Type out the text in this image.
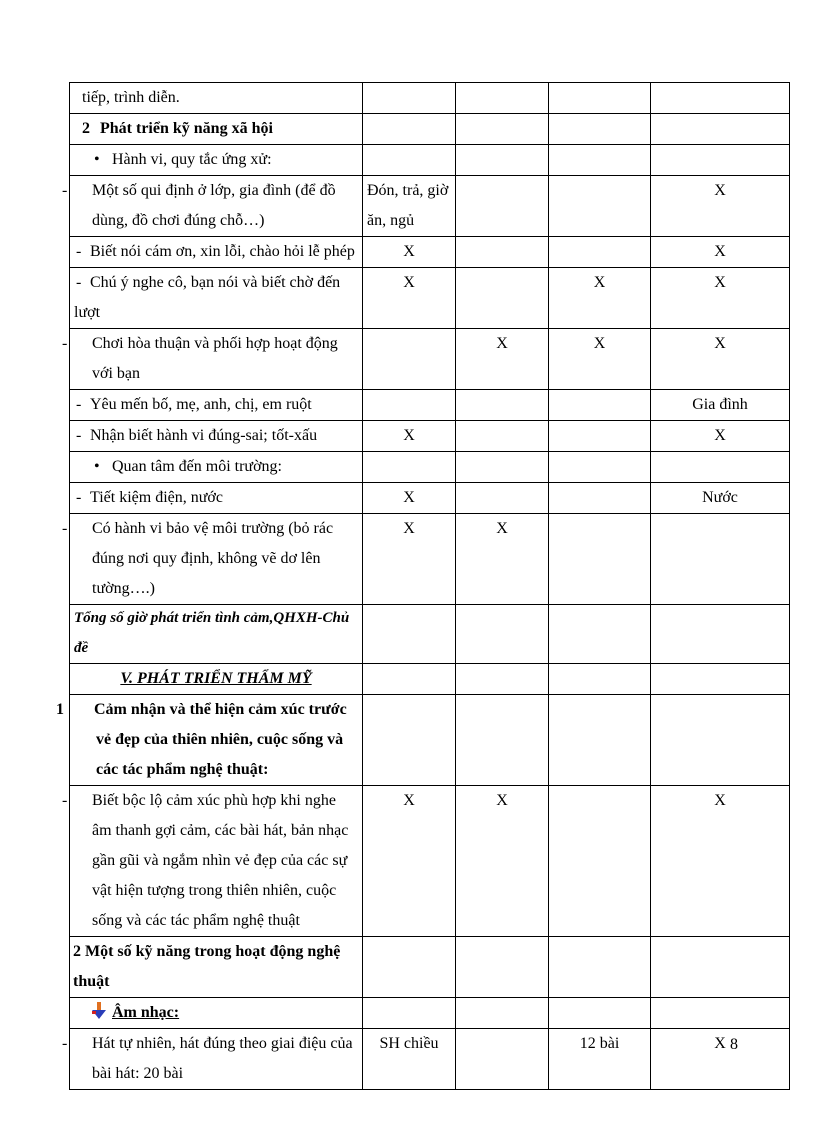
tiếp, trình diễn.				
2 Phát triển kỹ năng xã hội				
• Hành vi, quy tắc ứng xử:				

- Một số qui định ở lớp, gia đình (để đồ dùng, đồ chơi đúng chỗ…)	Đón, trả, giờ ăn, ngủ			X
- Biết nói cám ơn, xin lỗi, chào hỏi lễ phép	X			X
- Chú ý nghe cô, bạn nói và biết chờ đến lượt	X		X	X

- Chơi hòa thuận và phối hợp hoạt động với bạn		X	X	X
- Yêu mến bố, mẹ, anh, chị, em ruột				Gia đình
- Nhận biết hành vi đúng-sai; tốt-xấu	X			X
• Quan tâm đến môi trường:				
- Tiết kiệm điện, nước	X			Nước

- Có hành vi bảo vệ môi trường (bỏ rác đúng nơi quy định, không vẽ dơ lên tường….)	X	X		

Tổng số giờ phát triển tình cảm,QHXH-Chủ đề				

V. PHÁT TRIỂN THẨM MỸ				

1 Cảm nhận và thể hiện cảm xúc trước vẻ đẹp của thiên nhiên, cuộc sống và các tác phẩm nghệ thuật:				

- Biết bộc lộ cảm xúc phù hợp khi nghe âm thanh gợi cảm, các bài hát, bản nhạc gần gũi và ngắm nhìn vẻ đẹp của các sự vật hiện tượng trong thiên nhiên, cuộc sống và các tác phẩm nghệ thuật	X	X		X
2 Một số kỹ năng trong hoạt động nghệ thuật				
Âm nhạc:				

- Hát tự nhiên, hát đúng theo giai điệu của bài hát: 20 bài	SH chiều		12 bài	X 8
